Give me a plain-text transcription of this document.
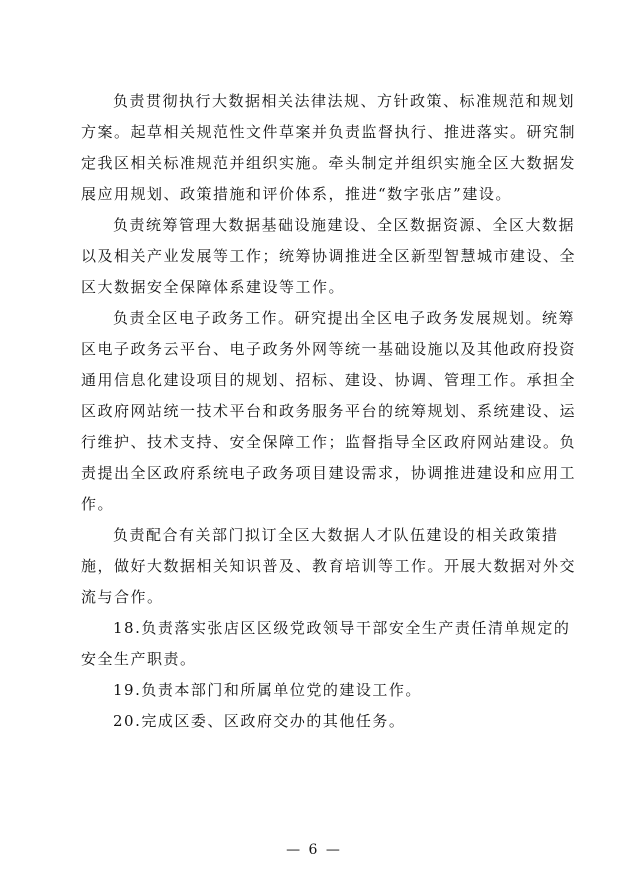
负责贯彻执行大数据相关法律法规、方针政策、标准规范和规划
方案。起草相关规范性文件草案并负责监督执行、推进落实。研究制
定我区相关标准规范并组织实施。牵头制定并组织实施全区大数据发
展应用规划、政策措施和评价体系，推进“数字张店”建设。

负责统筹管理大数据基础设施建设、全区数据资源、全区大数据
以及相关产业发展等工作；统筹协调推进全区新型智慧城市建设、全
区大数据安全保障体系建设等工作。

负责全区电子政务工作。研究提出全区电子政务发展规划。统筹
区电子政务云平台、电子政务外网等统一基础设施以及其他政府投资
通用信息化建设项目的规划、招标、建设、协调、管理工作。承担全
区政府网站统一技术平台和政务服务平台的统筹规划、系统建设、运
行维护、技术支持、安全保障工作；监督指导全区政府网站建设。负
责提出全区政府系统电子政务项目建设需求，协调推进建设和应用工
作。

负责配合有关部门拟订全区大数据人才队伍建设的相关政策措
施，做好大数据相关知识普及、教育培训等工作。开展大数据对外交
流与合作。

18.负责落实张店区区级党政领导干部安全生产责任清单规定的
安全生产职责。

19.负责本部门和所属单位党的建设工作。

20.完成区委、区政府交办的其他任务。

— 6 —
